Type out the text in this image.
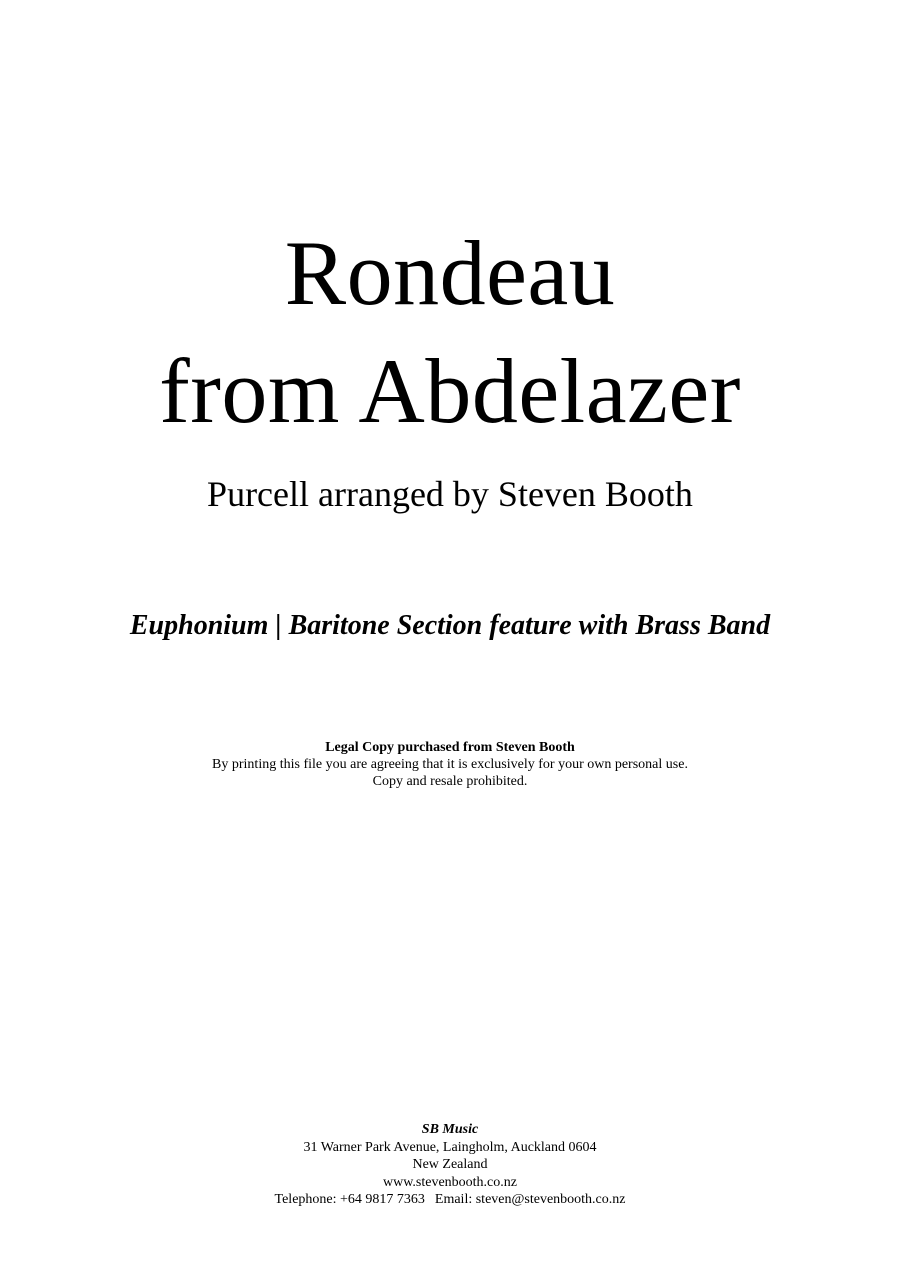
Rondeau
from Abdelazer
Purcell arranged by Steven Booth
Euphonium | Baritone Section feature with Brass Band
Legal Copy purchased from Steven Booth
By printing this file you are agreeing that it is exclusively for your own personal use.
Copy and resale prohibited.
SB Music
31 Warner Park Avenue, Laingholm, Auckland 0604
New Zealand
www.stevenbooth.co.nz
Telephone: +64 9817 7363 Email: steven@stevenbooth.co.nz
